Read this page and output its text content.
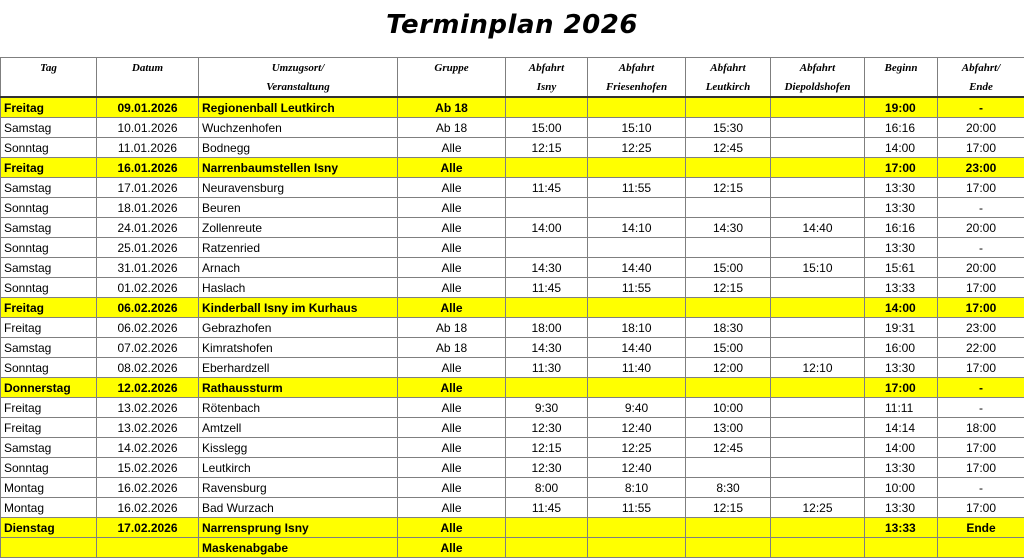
Terminplan 2026
Tag	Datum	Umzugsort/	Gruppe	Abfahrt	Abfahrt	Abfahrt	Abfahrt	Beginn	Abfahrt/
		Veranstaltung		Isny	Friesenhofen	Leutkirch	Diepoldshofen		Ende
Freitag	09.01.2026	Regionenball Leutkirch	Ab 18					19:00	-
Samstag	10.01.2026	Wuchzenhofen	Ab 18	15:00	15:10	15:30		16:16	20:00
Sonntag	11.01.2026	Bodnegg	Alle	12:15	12:25	12:45		14:00	17:00
Freitag	16.01.2026	Narrenbaumstellen Isny	Alle					17:00	23:00
Samstag	17.01.2026	Neuravensburg	Alle	11:45	11:55	12:15		13:30	17:00
Sonntag	18.01.2026	Beuren	Alle					13:30	-
Samstag	24.01.2026	Zollenreute	Alle	14:00	14:10	14:30	14:40	16:16	20:00
Sonntag	25.01.2026	Ratzenried	Alle					13:30	-
Samstag	31.01.2026	Arnach	Alle	14:30	14:40	15:00	15:10	15:61	20:00
Sonntag	01.02.2026	Haslach	Alle	11:45	11:55	12:15		13:33	17:00
Freitag	06.02.2026	Kinderball Isny im Kurhaus	Alle					14:00	17:00
Freitag	06.02.2026	Gebrazhofen	Ab 18	18:00	18:10	18:30		19:31	23:00
Samstag	07.02.2026	Kimratshofen	Ab 18	14:30	14:40	15:00		16:00	22:00
Sonntag	08.02.2026	Eberhardzell	Alle	11:30	11:40	12:00	12:10	13:30	17:00
Donnerstag	12.02.2026	Rathaussturm	Alle					17:00	-
Freitag	13.02.2026	Rötenbach	Alle	9:30	9:40	10:00		11:11	-
Freitag	13.02.2026	Amtzell	Alle	12:30	12:40	13:00		14:14	18:00
Samstag	14.02.2026	Kisslegg	Alle	12:15	12:25	12:45		14:00	17:00
Sonntag	15.02.2026	Leutkirch	Alle	12:30	12:40			13:30	17:00
Montag	16.02.2026	Ravensburg	Alle	8:00	8:10	8:30		10:00	-
Montag	16.02.2026	Bad Wurzach	Alle	11:45	11:55	12:15	12:25	13:30	17:00
Dienstag	17.02.2026	Narrensprung Isny	Alle					13:33	Ende
		Maskenabgabe	Alle						
